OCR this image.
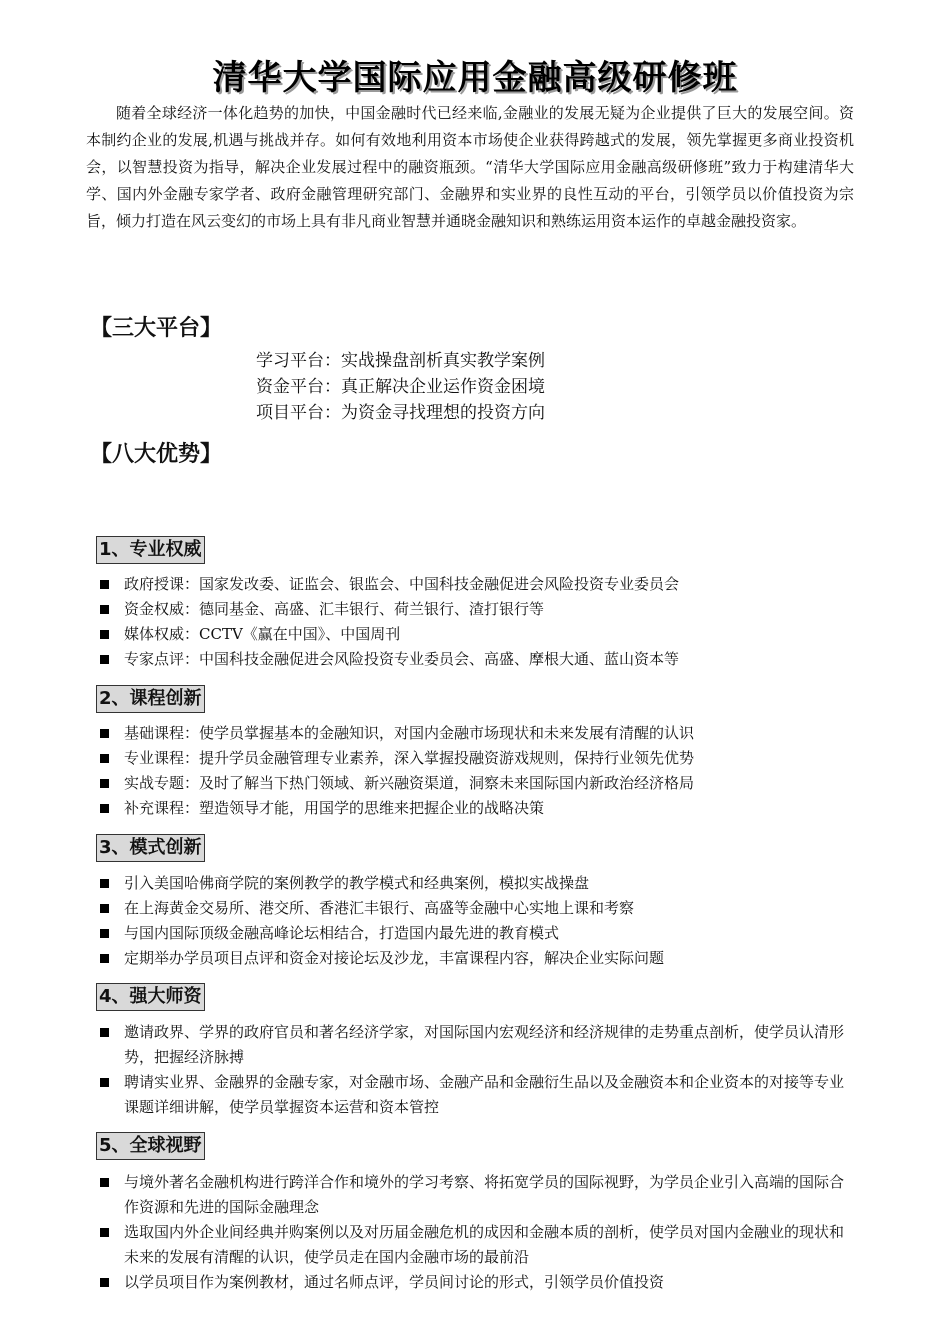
清华大学国际应用金融高级研修班
随着全球经济一体化趋势的加快，中国金融时代已经来临,金融业的发展无疑为企业提供了巨大的发展空间。资本制约企业的发展,机遇与挑战并存。如何有效地利用资本市场使企业获得跨越式的发展，领先掌握更多商业投资机会，以智慧投资为指导，解决企业发展过程中的融资瓶颈。“清华大学国际应用金融高级研修班”致力于构建清华大学、国内外金融专家学者、政府金融管理研究部门、金融界和实业界的良性互动的平台，引领学员以价值投资为宗旨，倾力打造在风云变幻的市场上具有非凡商业智慧并通晓金融知识和熟练运用资本运作的卓越金融投资家。
【三大平台】
学习平台：实战操盘剖析真实教学案例
资金平台：真正解决企业运作资金困境
项目平台：为资金寻找理想的投资方向
【八大优势】
1、专业权威
政府授课：国家发改委、证监会、银监会、中国科技金融促进会风险投资专业委员会
资金权威：德同基金、高盛、汇丰银行、荷兰银行、渣打银行等
媒体权威：CCTV《赢在中国》、中国周刊
专家点评：中国科技金融促进会风险投资专业委员会、高盛、摩根大通、蓝山资本等
2、课程创新
基础课程：使学员掌握基本的金融知识，对国内金融市场现状和未来发展有清醒的认识
专业课程：提升学员金融管理专业素养，深入掌握投融资游戏规则，保持行业领先优势
实战专题：及时了解当下热门领域、新兴融资渠道，洞察未来国际国内新政治经济格局
补充课程：塑造领导才能，用国学的思维来把握企业的战略决策
3、模式创新
引入美国哈佛商学院的案例教学的教学模式和经典案例，模拟实战操盘
在上海黄金交易所、港交所、香港汇丰银行、高盛等金融中心实地上课和考察
与国内国际顶级金融高峰论坛相结合，打造国内最先进的教育模式
定期举办学员项目点评和资金对接论坛及沙龙，丰富课程内容，解决企业实际问题
4、强大师资
邀请政界、学界的政府官员和著名经济学家，对国际国内宏观经济和经济规律的走势重点剖析，使学员认清形势，把握经济脉搏
聘请实业界、金融界的金融专家，对金融市场、金融产品和金融衍生品以及金融资本和企业资本的对接等专业课题详细讲解，使学员掌握资本运营和资本管控
5、全球视野
与境外著名金融机构进行跨洋合作和境外的学习考察、将拓宽学员的国际视野，为学员企业引入高端的国际合作资源和先进的国际金融理念
选取国内外企业间经典并购案例以及对历届金融危机的成因和金融本质的剖析，使学员对国内金融业的现状和未来的发展有清醒的认识，使学员走在国内金融市场的最前沿
以学员项目作为案例教材，通过名师点评，学员间讨论的形式，引领学员价值投资
